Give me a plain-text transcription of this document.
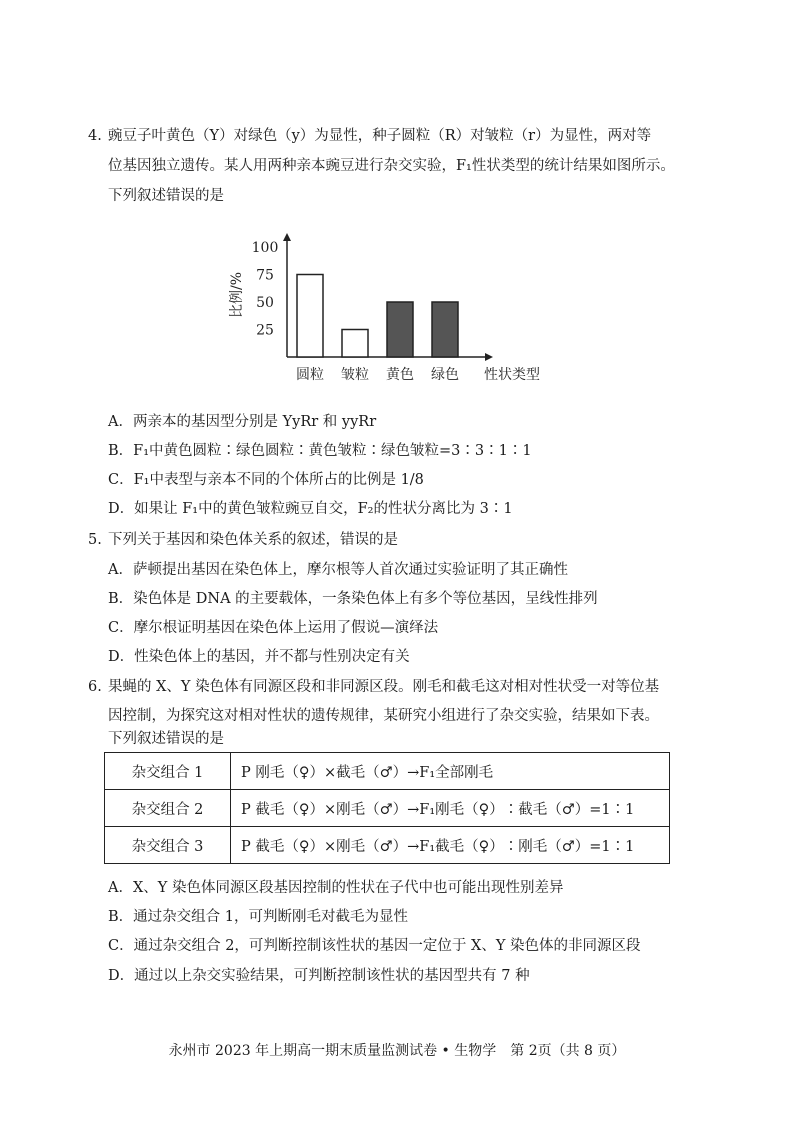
4. 豌豆子叶黄色（Y）对绿色（y）为显性，种子圆粒（R）对皱粒（r）为显性，两对等
位基因独立遗传。某人用两种亲本豌豆进行杂交实验，F₁性状类型的统计结果如图所示。
下列叙述错误的是
25
50
75
100
比例/%
圆粒 皱粒 黄色 绿色 性状类型
A．两亲本的基因型分别是 YyRr 和 yyRr
B．F₁中黄色圆粒∶绿色圆粒∶黄色皱粒∶绿色皱粒=3∶3∶1∶1
C．F₁中表型与亲本不同的个体所占的比例是 1/8
D．如果让 F₁中的黄色皱粒豌豆自交，F₂的性状分离比为 3∶1
5. 下列关于基因和染色体关系的叙述，错误的是
A．萨顿提出基因在染色体上，摩尔根等人首次通过实验证明了其正确性
B．染色体是 DNA 的主要载体，一条染色体上有多个等位基因，呈线性排列
C．摩尔根证明基因在染色体上运用了假说—演绎法
D．性染色体上的基因，并不都与性别决定有关
6. 果蝇的 X、Y 染色体有同源区段和非同源区段。刚毛和截毛这对相对性状受一对等位基
因控制，为探究这对相对性状的遗传规律，某研究小组进行了杂交实验，结果如下表。
下列叙述错误的是
杂交组合 1	P 刚毛（♀）×截毛（♂）→F₁全部刚毛
杂交组合 2	P 截毛（♀）×刚毛（♂）→F₁刚毛（♀）∶截毛（♂）=1∶1
杂交组合 3	P 截毛（♀）×刚毛（♂）→F₁截毛（♀）∶刚毛（♂）=1∶1
A．X、Y 染色体同源区段基因控制的性状在子代中也可能出现性别差异
B．通过杂交组合 1，可判断刚毛对截毛为显性
C．通过杂交组合 2，可判断控制该性状的基因一定位于 X、Y 染色体的非同源区段
D．通过以上杂交实验结果，可判断控制该性状的基因型共有 7 种
永州市 2023 年上期高一期末质量监测试卷 • 生物学　第 2页（共 8 页）
